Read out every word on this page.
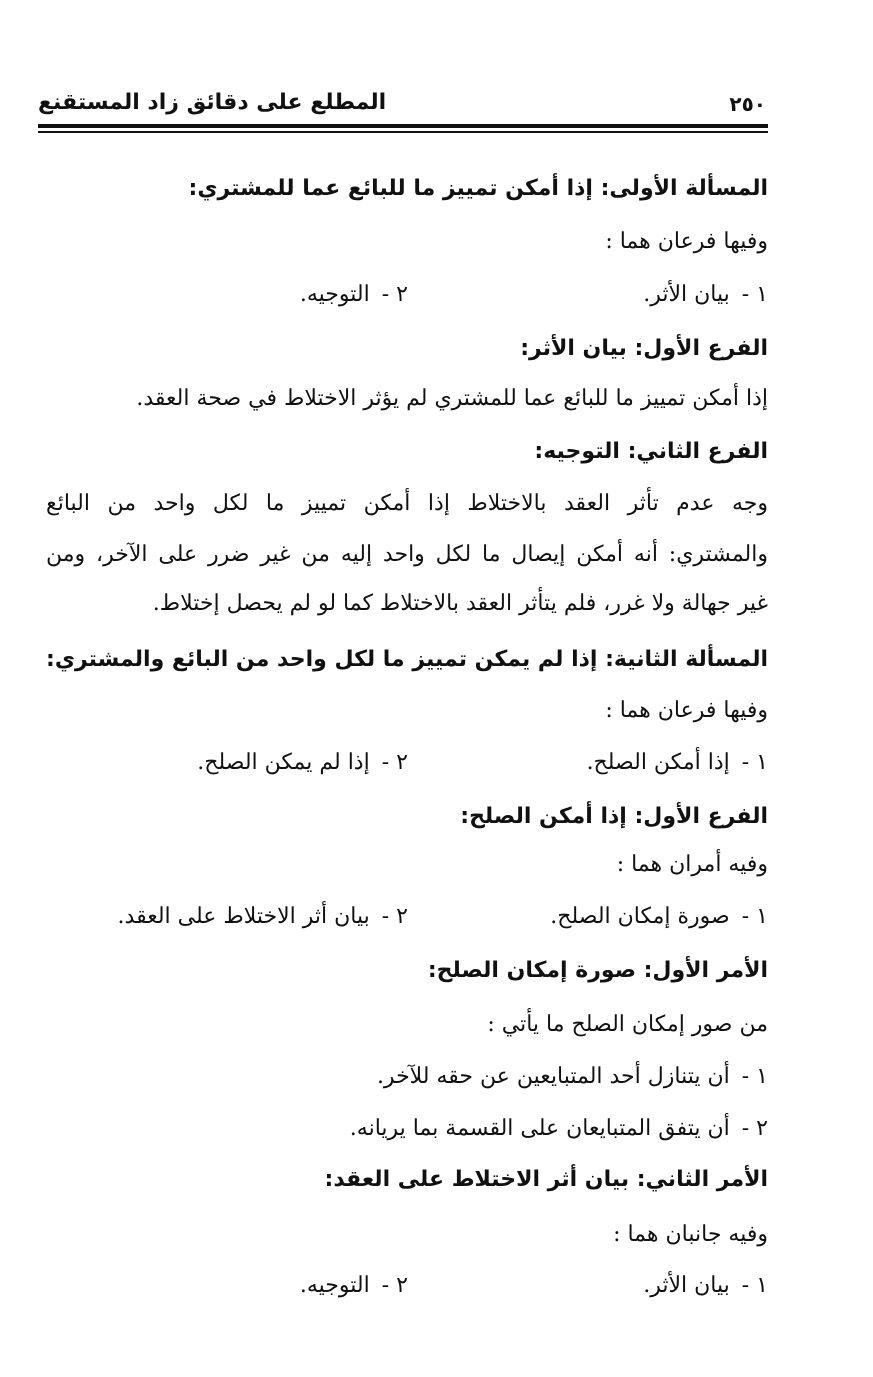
المطلع على دقائق زاد المستقنع	٢٥٠
المسألة الأولى: إذا أمكن تمييز ما للبائع عما للمشتري:
وفيها فرعان هما :
١ -بيان الأثر.
٢ -التوجيه.
الفرع الأول: بيان الأثر:
إذا أمكن تمييز ما للبائع عما للمشتري لم يؤثر الاختلاط في صحة العقد.
الفرع الثاني: التوجيه:
وجه عدم تأثر العقد بالاختلاط إذا أمكن تمييز ما لكل واحد من البائع
والمشتري: أنه أمكن إيصال ما لكل واحد إليه من غير ضرر على الآخر، ومن
غير جهالة ولا غرر، فلم يتأثر العقد بالاختلاط كما لو لم يحصل إختلاط.
المسألة الثانية: إذا لم يمكن تمييز ما لكل واحد من البائع والمشتري:
وفيها فرعان هما :
١ -إذا أمكن الصلح.
٢ -إذا لم يمكن الصلح.
الفرع الأول: إذا أمكن الصلح:
وفيه أمران هما :
١ -صورة إمكان الصلح.
٢ -بيان أثر الاختلاط على العقد.
الأمر الأول: صورة إمكان الصلح:
من صور إمكان الصلح ما يأتي :
١ -أن يتنازل أحد المتبايعين عن حقه للآخر.
٢ -أن يتفق المتبايعان على القسمة بما يريانه.
الأمر الثاني: بيان أثر الاختلاط على العقد:
وفيه جانبان هما :
١ -بيان الأثر.
٢ -التوجيه.
